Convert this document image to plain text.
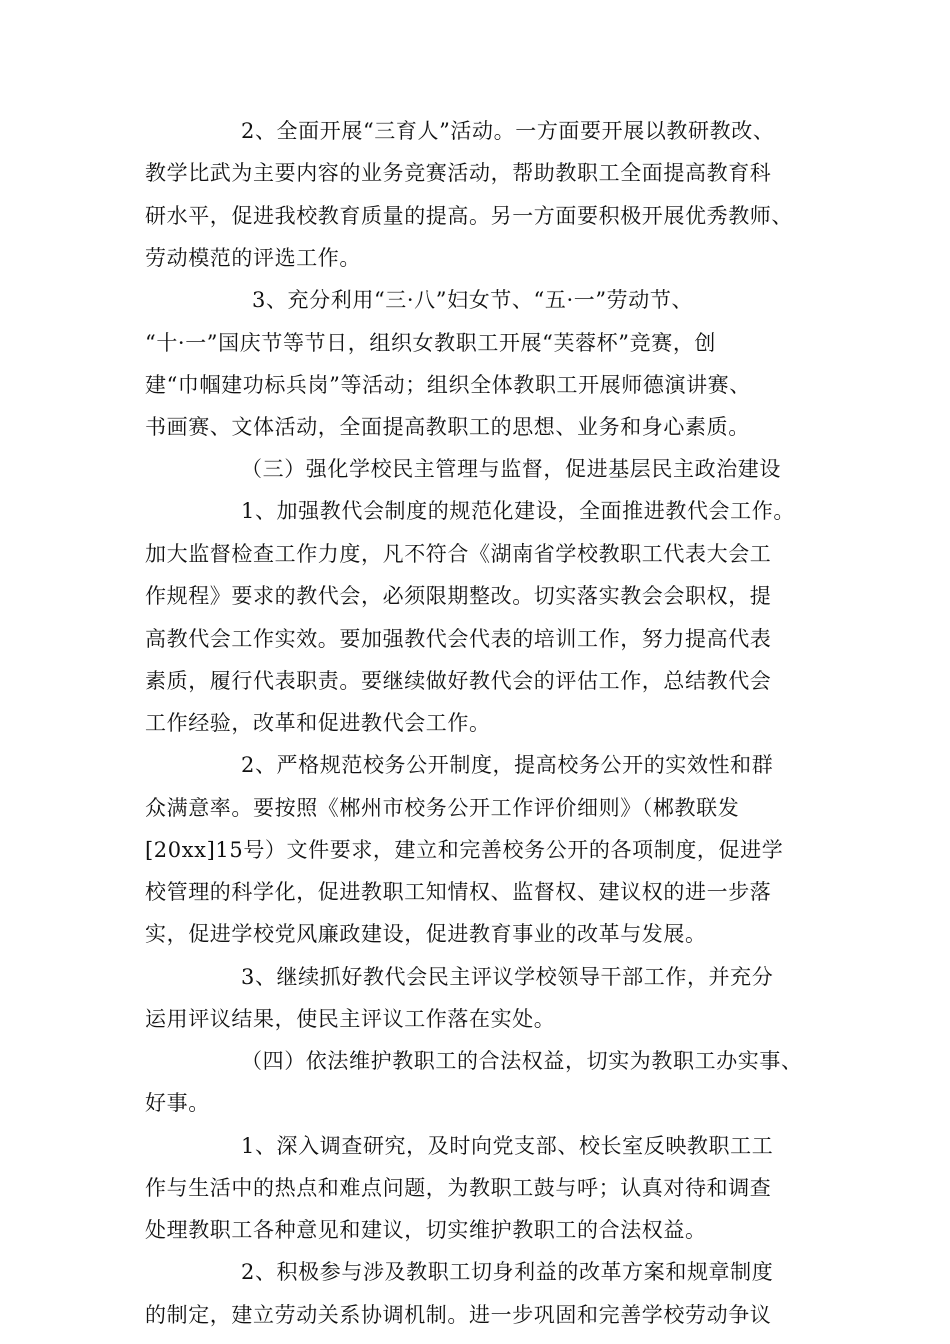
2、全面开展“三育人”活动。一方面要开展以教研教改、
教学比武为主要内容的业务竞赛活动，帮助教职工全面提高教育科
研水平，促进我校教育质量的提高。另一方面要积极开展优秀教师、
劳动模范的评选工作。
3、充分利用“三·八”妇女节、“五·一”劳动节、
“十·一”国庆节等节日，组织女教职工开展“芙蓉杯”竞赛，创
建“巾帼建功标兵岗”等活动；组织全体教职工开展师德演讲赛、
书画赛、文体活动，全面提高教职工的思想、业务和身心素质。
（三）强化学校民主管理与监督，促进基层民主政治建设
1、加强教代会制度的规范化建设，全面推进教代会工作。
加大监督检查工作力度，凡不符合《湖南省学校教职工代表大会工
作规程》要求的教代会，必须限期整改。切实落实教会会职权，提
高教代会工作实效。要加强教代会代表的培训工作，努力提高代表
素质，履行代表职责。要继续做好教代会的评估工作，总结教代会
工作经验，改革和促进教代会工作。
2、严格规范校务公开制度，提高校务公开的实效性和群
众满意率。要按照《郴州市校务公开工作评价细则》（郴教联发
[20xx]15号）文件要求，建立和完善校务公开的各项制度，促进学
校管理的科学化，促进教职工知情权、监督权、建议权的进一步落
实，促进学校党风廉政建设，促进教育事业的改革与发展。
3、继续抓好教代会民主评议学校领导干部工作，并充分
运用评议结果，使民主评议工作落在实处。
（四）依法维护教职工的合法权益，切实为教职工办实事、
好事。
1、深入调查研究，及时向党支部、校长室反映教职工工
作与生活中的热点和难点问题，为教职工鼓与呼；认真对待和调查
处理教职工各种意见和建议，切实维护教职工的合法权益。
2、积极参与涉及教职工切身利益的改革方案和规章制度
的制定，建立劳动关系协调机制。进一步巩固和完善学校劳动争议
